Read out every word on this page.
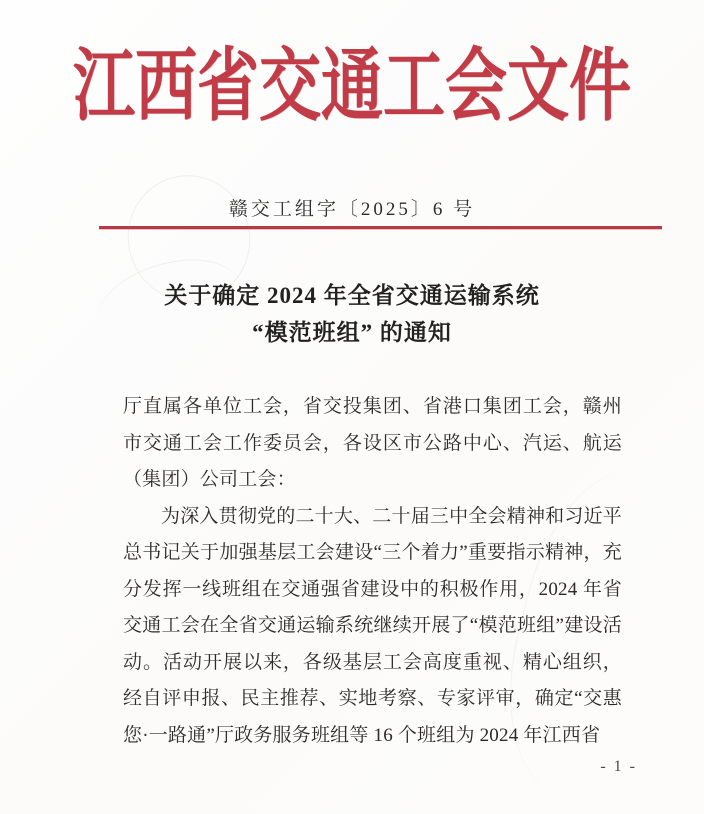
江西省交通工会文件
赣交工组字〔2025〕6 号
关于确定 2024 年全省交通运输系统
“模范班组” 的通知

厅直属各单位工会，省交投集团、省港口集团工会，赣州市交通工会工作委员会，各设区市公路中心、汽运、航运（集团）公司工会：

为深入贯彻党的二十大、二十届三中全会精神和习近平总书记关于加强基层工会建设“三个着力”重要指示精神，充分发挥一线班组在交通强省建设中的积极作用，2024 年省交通工会在全省交通运输系统继续开展了“模范班组”建设活动。活动开展以来，各级基层工会高度重视、精心组织，经自评申报、民主推荐、实地考察、专家评审，确定“交惠您·一路通”厅政务服务班组等 16 个班组为 2024 年江西省

- 1 -
